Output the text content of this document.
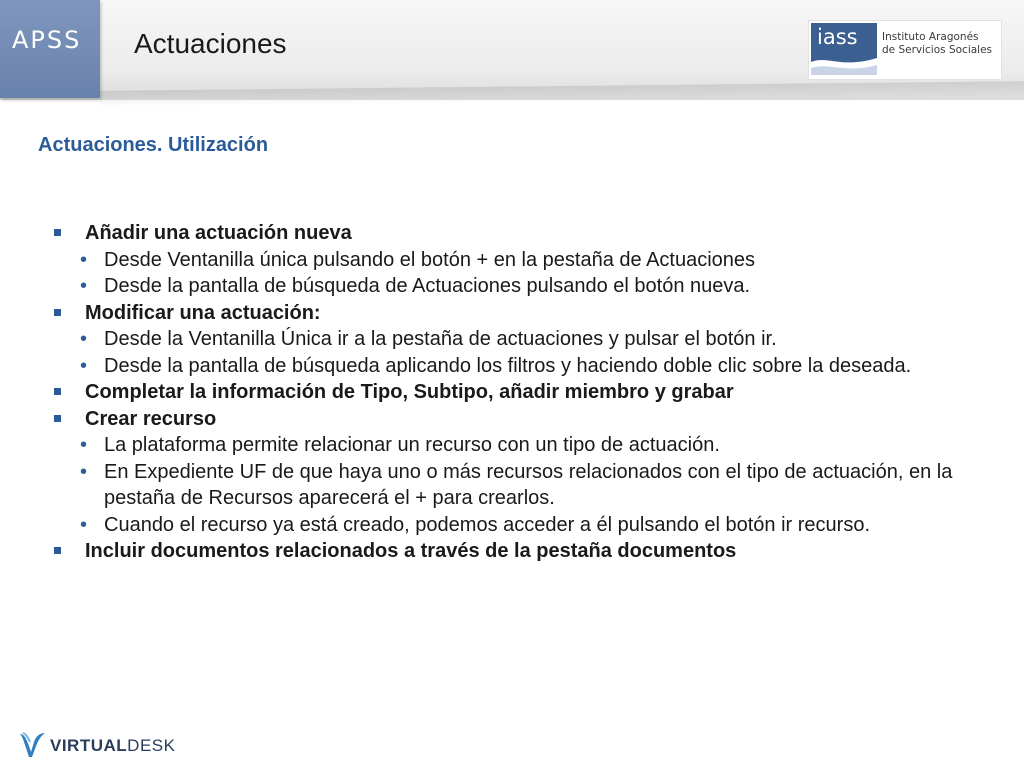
APSS Actuaciones	iass Instituto Aragonés
de Servicios Sociales
Actuaciones. Utilización
Añadir una actuación nueva
• Desde Ventanilla única pulsando el botón + en la pestaña de Actuaciones
• Desde la pantalla de búsqueda de Actuaciones pulsando el botón nueva.
Modificar una actuación:
• Desde la Ventanilla Única ir a la pestaña de actuaciones y pulsar el botón ir.
• Desde la pantalla de búsqueda aplicando los filtros y haciendo doble clic sobre la deseada.
Completar la información de Tipo, Subtipo, añadir miembro y grabar
Crear recurso
• La plataforma permite relacionar un recurso con un tipo de actuación.
• En Expediente UF de que haya uno o más recursos relacionados con el tipo de actuación, en la pestaña de Recursos aparecerá el + para crearlos.
• Cuando el recurso ya está creado, podemos acceder a él pulsando el botón ir recurso.
Incluir documentos relacionados a través de la pestaña documentos
VIRTUALDESK
